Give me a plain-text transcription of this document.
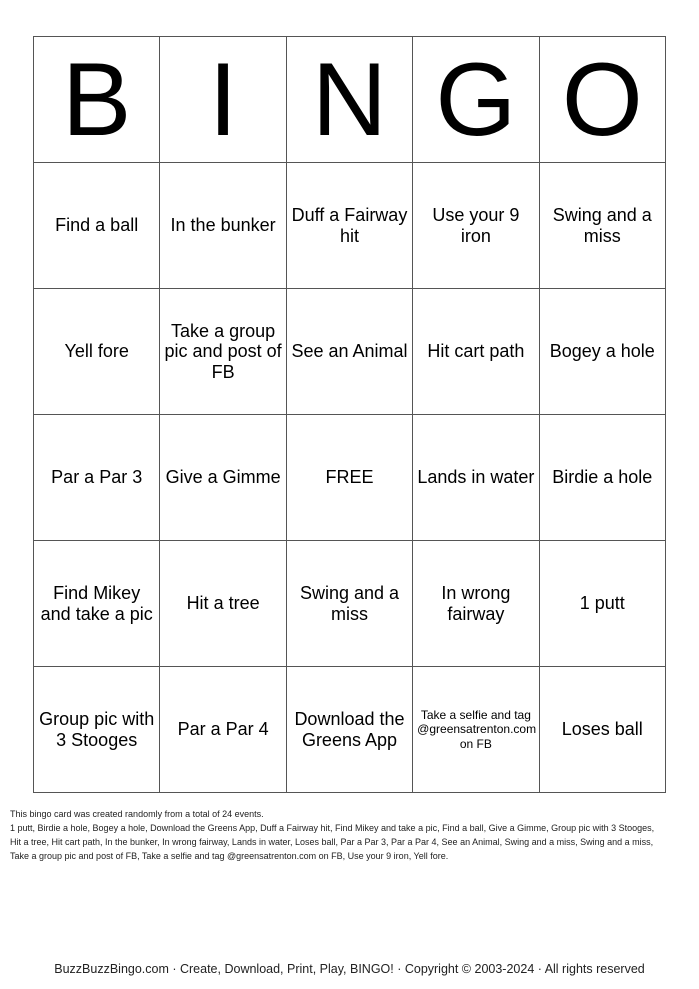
B	I	N	G	O
Find a ball	In the bunker	Duff a Fairway hit	Use your 9 iron	Swing and a miss
Yell fore	Take a group pic and post of FB	See an Animal	Hit cart path	Bogey a hole
Par a Par 3	Give a Gimme	FREE	Lands in water	Birdie a hole
Find Mikey and take a pic	Hit a tree	Swing and a miss	In wrong fairway	1 putt
Group pic with 3 Stooges	Par a Par 4	Download the Greens App	Take a selfie and tag @greensatrenton.com on FB	Loses ball
This bingo card was created randomly from a total of 24 events.
1 putt, Birdie a hole, Bogey a hole, Download the Greens App, Duff a Fairway hit, Find Mikey and take a pic, Find a ball, Give a Gimme, Group pic with 3 Stooges,
Hit a tree, Hit cart path, In the bunker, In wrong fairway, Lands in water, Loses ball, Par a Par 3, Par a Par 4, See an Animal, Swing and a miss, Swing and a miss,
Take a group pic and post of FB, Take a selfie and tag @greensatrenton.com on FB, Use your 9 iron, Yell fore.
BuzzBuzzBingo.com · Create, Download, Print, Play, BINGO! · Copyright © 2003-2024 · All rights reserved
